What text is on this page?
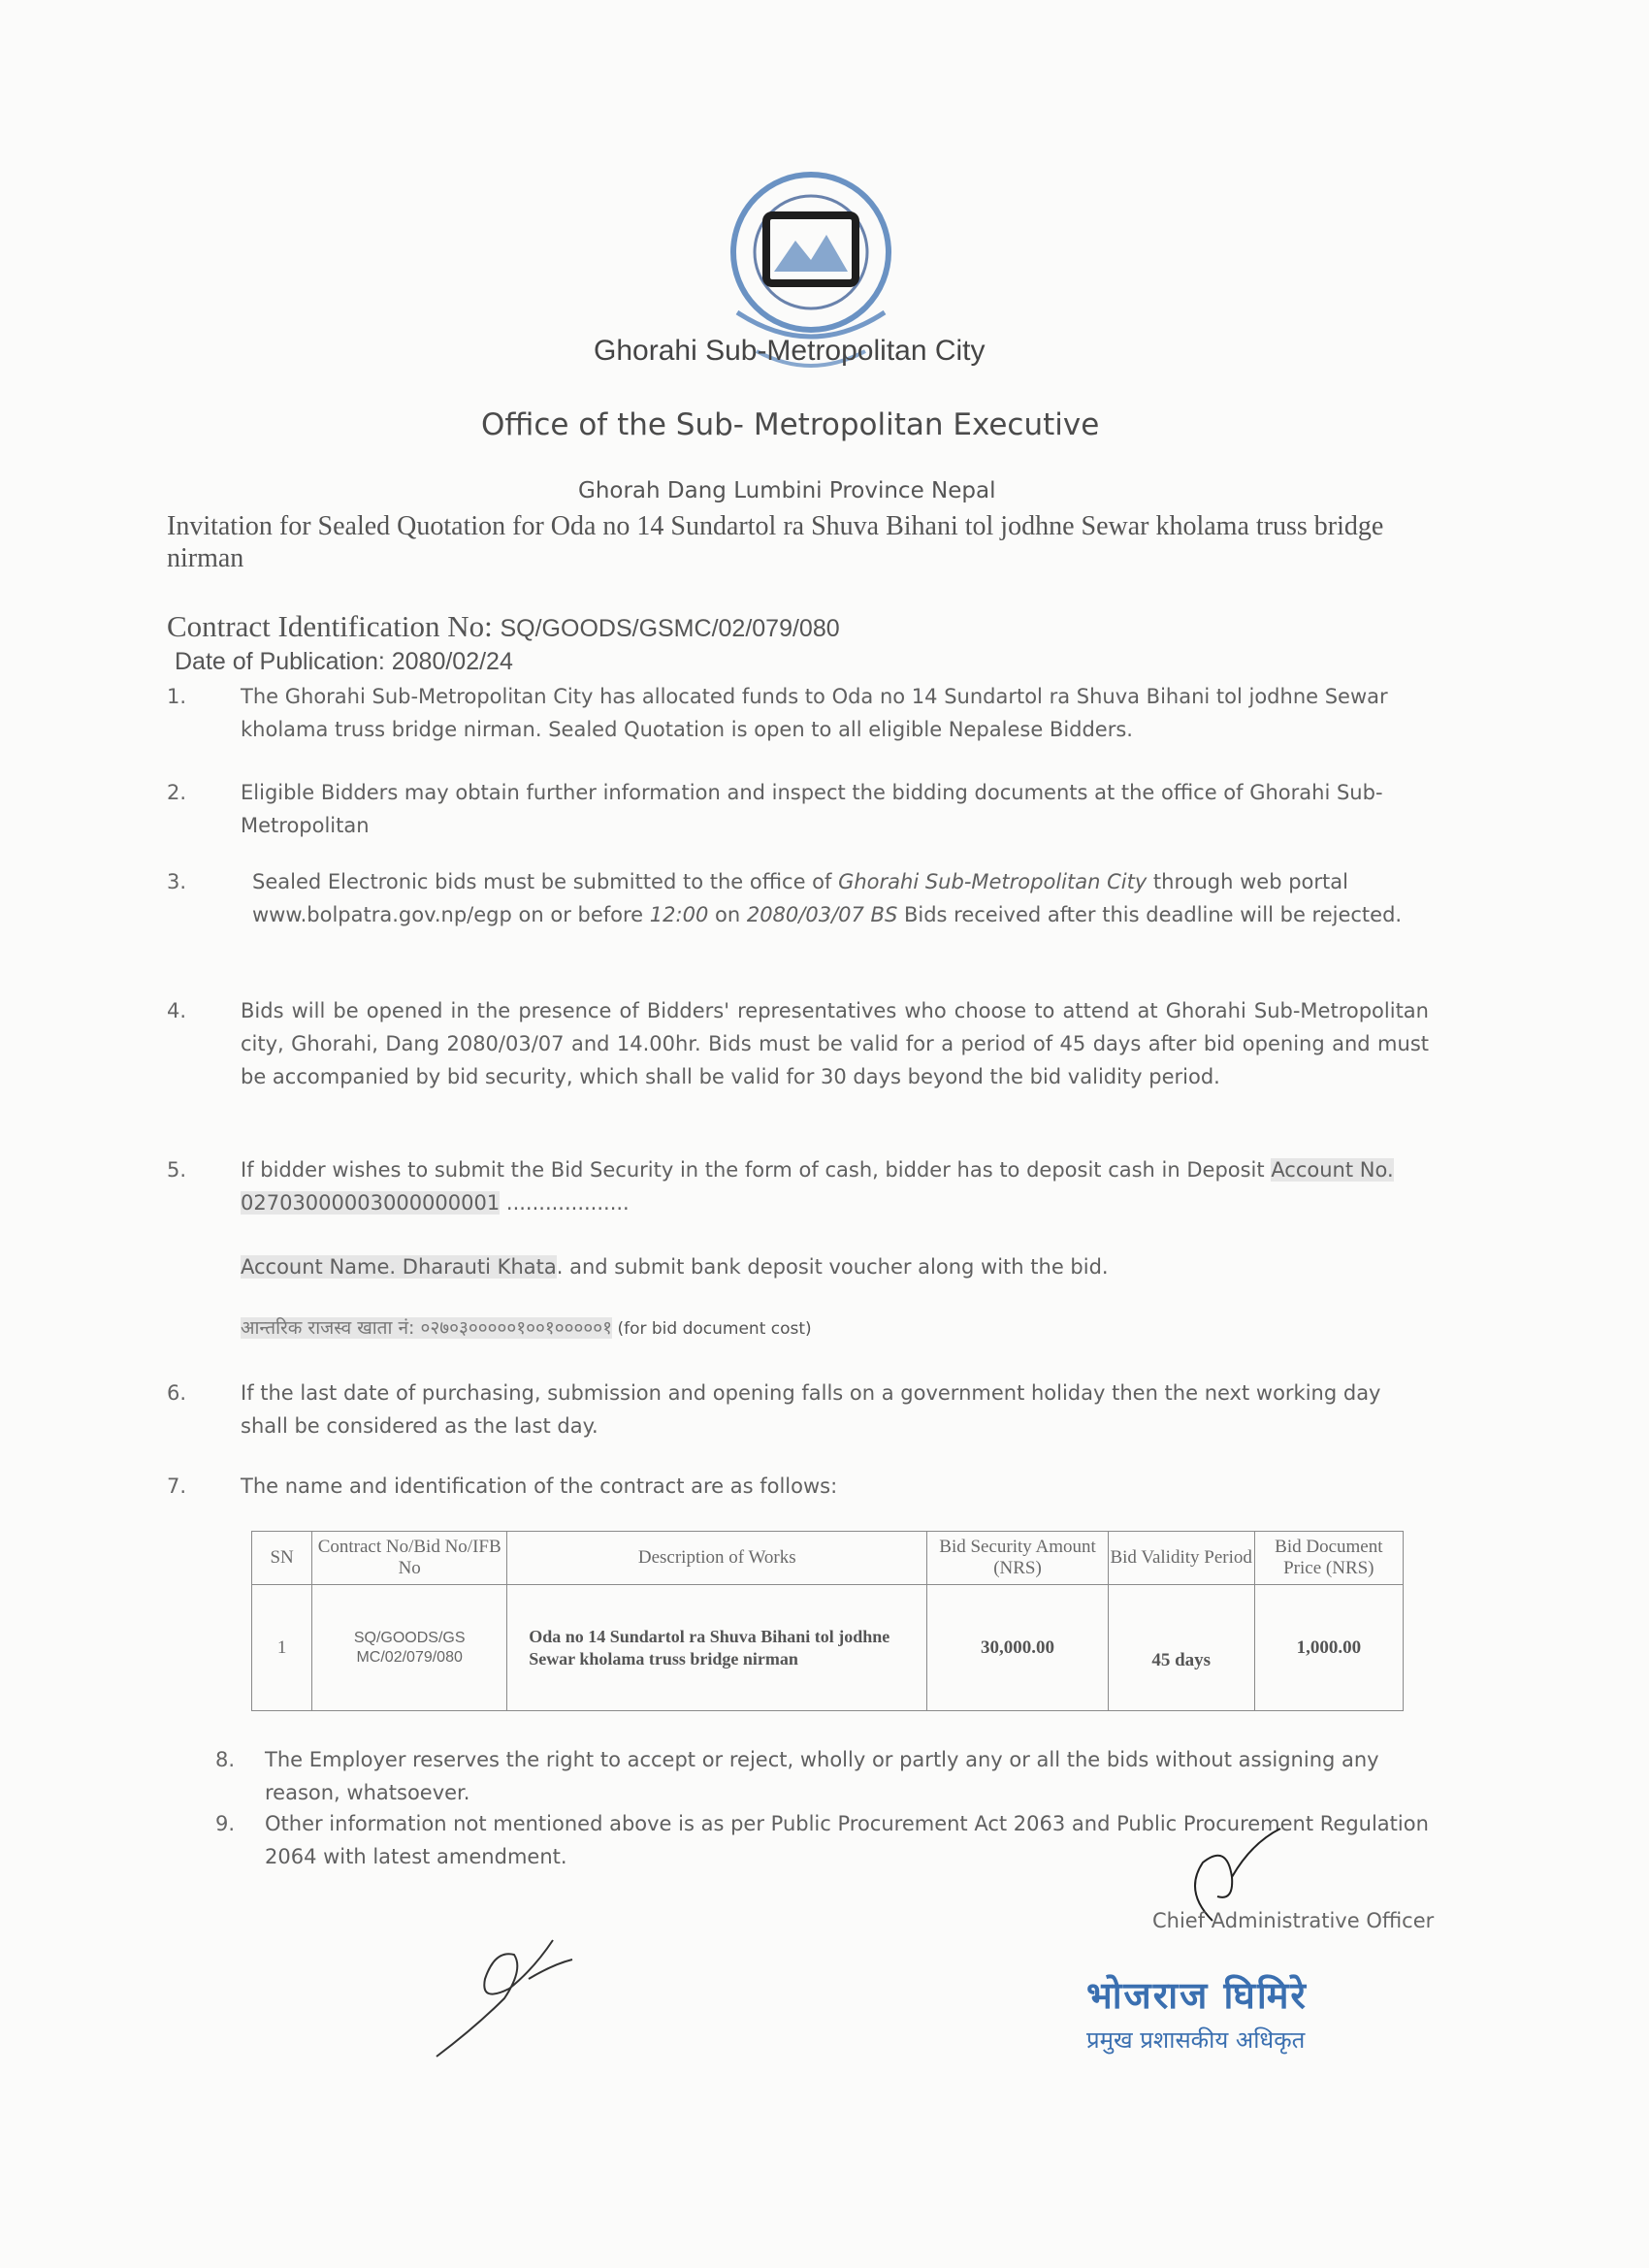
Ghorahi Sub-Metropolitan City
Office of the Sub- Metropolitan Executive
Ghorah Dang Lumbini Province Nepal
Invitation for Sealed Quotation for Oda no 14 Sundartol ra Shuva Bihani tol jodhne Sewar kholama truss bridge nirman
Contract Identification No: SQ/GOODS/GSMC/02/079/080
Date of Publication: 2080/02/24
1.	The Ghorahi Sub-Metropolitan City has allocated funds to Oda no 14 Sundartol ra Shuva Bihani tol jodhne Sewar kholama truss bridge nirman. Sealed Quotation is open to all eligible Nepalese Bidders.
2.	Eligible Bidders may obtain further information and inspect the bidding documents at the office of Ghorahi Sub-Metropolitan
3.	Sealed Electronic bids must be submitted to the office of Ghorahi Sub-Metropolitan City through web portal www.bolpatra.gov.np/egp on or before 12:00 on 2080/03/07 BS Bids received after this deadline will be rejected.
4.	Bids will be opened in the presence of Bidders' representatives who choose to attend at Ghorahi Sub-Metropolitan city, Ghorahi, Dang 2080/03/07 and 14.00hr. Bids must be valid for a period of 45 days after bid opening and must be accompanied by bid security, which shall be valid for 30 days beyond the bid validity period.
5.	If bidder wishes to submit the Bid Security in the form of cash, bidder has to deposit cash in Deposit Account No. 02703000003000000001 ...................
Account Name. Dharauti Khata. and submit bank deposit voucher along with the bid.
आन्तरिक राजस्व खाता नं: ०२७०३०००००१००१०००००१ (for bid document cost)
6.	If the last date of purchasing, submission and opening falls on a government holiday then the next working day shall be considered as the last day.
7.	The name and identification of the contract are as follows:
SN	Contract No/Bid No/IFB No	Description of Works	Bid Security Amount (NRS)	Bid Validity Period	Bid Document Price (NRS)
1	SQ/GOODS/GS MC/02/079/080	Oda no 14 Sundartol ra Shuva Bihani tol jodhne Sewar kholama truss bridge nirman	30,000.00	45 days	1,000.00
8. The Employer reserves the right to accept or reject, wholly or partly any or all the bids without assigning any reason, whatsoever.
9. Other information not mentioned above is as per Public Procurement Act 2063 and Public Procurement Regulation 2064 with latest amendment.
Chief Administrative Officer
भोजराज घिमिरे
प्रमुख प्रशासकीय अधिकृत
